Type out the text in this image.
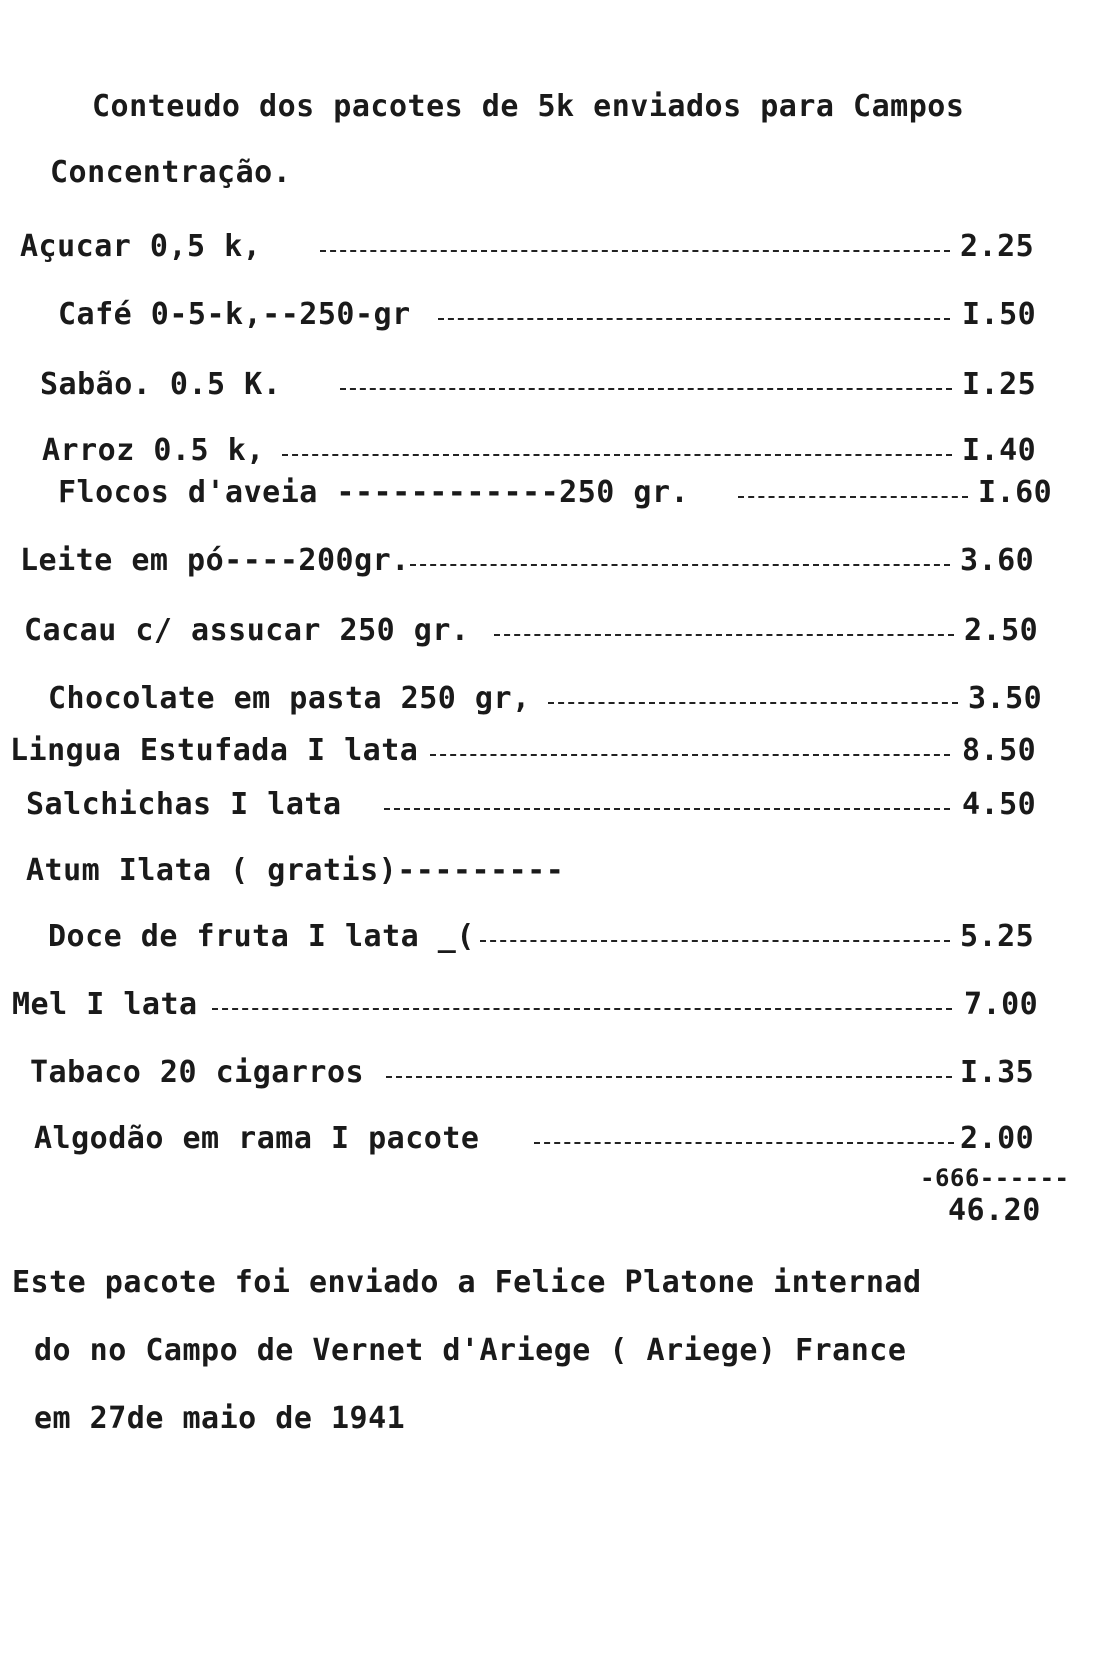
Conteudo dos pacotes de 5k enviados para Campos
Concentração.
Açucar 0,5 k,	2.25
Café 0-5-k,--250-gr	I.50
Sabão. 0.5 K.	I.25
Arroz 0.5 k,	I.40
Flocos d'aveia ------------250 gr.	I.60
Leite em pó----200gr.	3.60
Cacau c/ assucar 250 gr.	2.50
Chocolate em pasta 250 gr,	3.50
Lingua Estufada I lata	8.50
Salchichas I lata	4.50
Atum Ilata ( gratis)---------
Doce de fruta I lata _(	5.25
Mel I lata	7.00
Tabaco 20 cigarros	I.35
Algodão em rama I pacote	2.00
-666------
46.20
Este pacote foi enviado a Felice Platone internad
do no Campo de Vernet d'Ariege ( Ariege) France
em 27de maio de 1941
